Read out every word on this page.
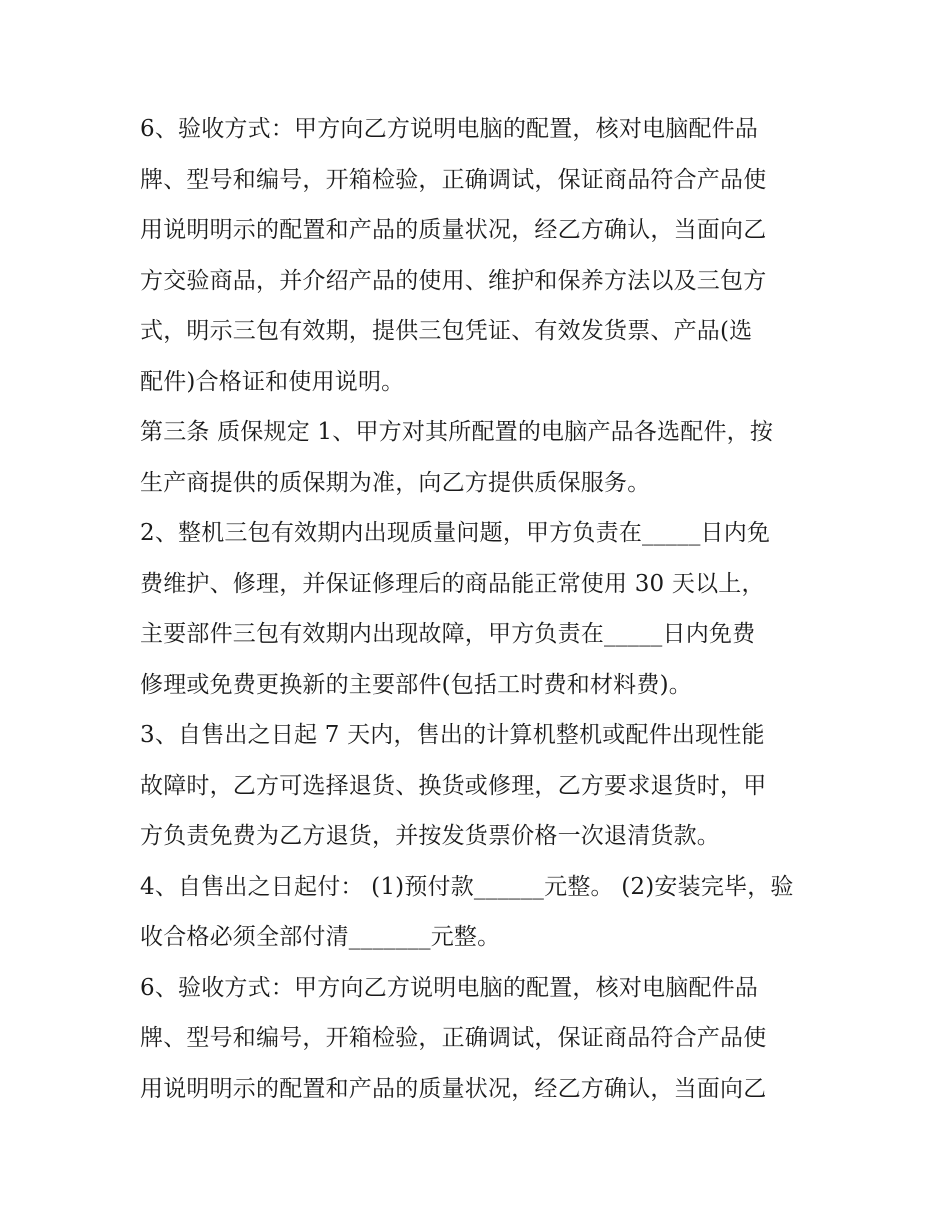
6、验收方式：甲方向乙方说明电脑的配置，核对电脑配件品
牌、型号和编号，开箱检验，正确调试，保证商品符合产品使
用说明明示的配置和产品的质量状况，经乙方确认，当面向乙
方交验商品，并介绍产品的使用、维护和保养方法以及三包方
式，明示三包有效期，提供三包凭证、有效发货票、产品(选
配件)合格证和使用说明。
第三条 质保规定 1、甲方对其所配置的电脑产品各选配件，按
生产商提供的质保期为准，向乙方提供质保服务。
2、整机三包有效期内出现质量问题，甲方负责在_____日内免
费维护、修理，并保证修理后的商品能正常使用 30 天以上，
主要部件三包有效期内出现故障，甲方负责在_____日内免费
修理或免费更换新的主要部件(包括工时费和材料费)。
3、自售出之日起 7 天内，售出的计算机整机或配件出现性能
故障时，乙方可选择退货、换货或修理，乙方要求退货时，甲
方负责免费为乙方退货，并按发货票价格一次退清货款。
4、自售出之日起付： (1)预付款______元整。 (2)安装完毕，验
收合格必须全部付清_______元整。
6、验收方式：甲方向乙方说明电脑的配置，核对电脑配件品
牌、型号和编号，开箱检验，正确调试，保证商品符合产品使
用说明明示的配置和产品的质量状况，经乙方确认，当面向乙
